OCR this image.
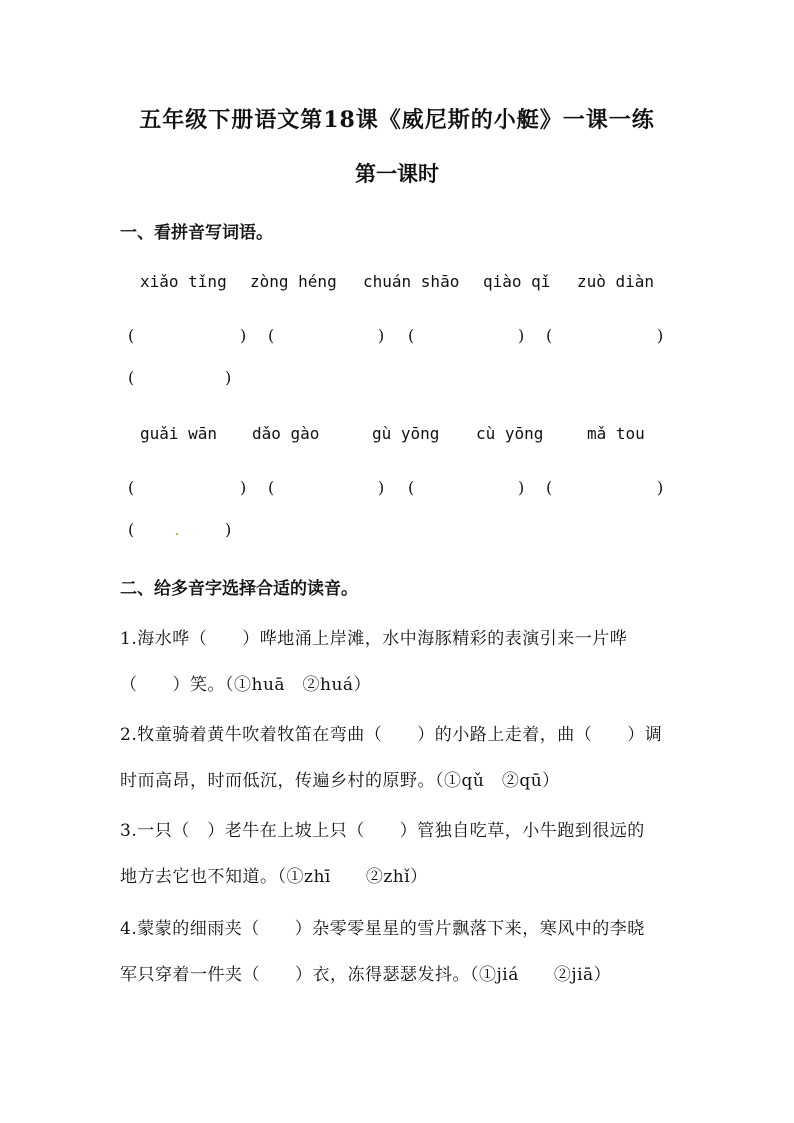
五年级下册语文第18课《威尼斯的小艇》一课一练
第一课时
一、看拼音写词语。
xiǎo tǐng zòng héng chuán shāo qiào qǐ zuò diàn
(	) (	) (	) (	)
(	)
guǎi wān dǎo gào	gù yōng cù yōng	mǎ tou
(	) (	) (	) (	)
(	)
二、给多音字选择合适的读音。
1.海水哗（　　）哗地涌上岸滩，水中海豚精彩的表演引来一片哗
（　　）笑。（①huā　②huá）
2.牧童骑着黄牛吹着牧笛在弯曲（　　）的小路上走着，曲（　　）调
时而高昂，时而低沉，传遍乡村的原野。（①qǔ　②qū）
3.一只（　）老牛在上坡上只（　　）管独自吃草，小牛跑到很远的
地方去它也不知道。（①zhī　　②zhǐ）
4.蒙蒙的细雨夹（　　）杂零零星星的雪片飘落下来，寒风中的李晓
军只穿着一件夹（　　）衣，冻得瑟瑟发抖。（①jiá　　②jiā）
